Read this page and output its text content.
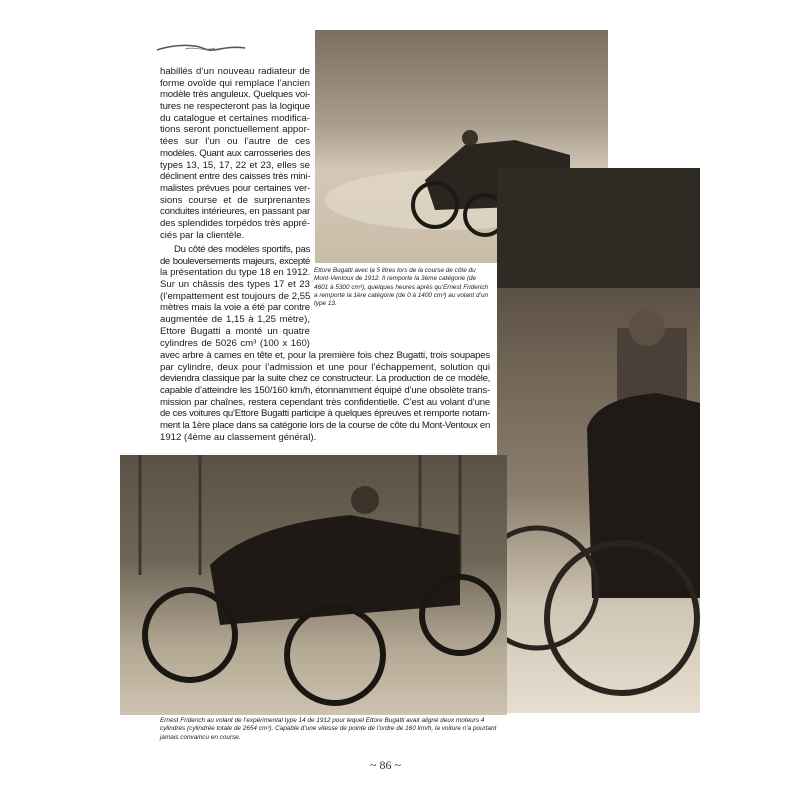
habillés d’un nouveau radiateur de
forme ovoïde qui remplace l’ancien
modèle très anguleux. Quelques voi-
tures ne respecteront pas la logique
du catalogue et certaines modifica-
tions seront ponctuellement appor-
tées sur l’un ou l’autre de ces
modèles. Quant aux carrosseries des
types 13, 15, 17, 22 et 23, elles se
déclinent entre des caisses très mini-
malistes prévues pour certaines ver-
sions course et de surprenantes
conduites intérieures, en passant par
des splendides torpédos très appré-
ciés par la clientèle.
Du côté des modèles sportifs, pas
de bouleversements majeurs, excepté
la présentation du type 18 en 1912.
Sur un châssis des types 17 et 23
(l’empattement est toujours de 2,55
mètres mais la voie a été par contre
augmentée de 1,15 à 1,25 mètre),
Ettore Bugatti a monté un quatre
cylindres de 5026 cm³ (100 x 160)
avec arbre à cames en tête et, pour la première fois chez Bugatti, trois soupapes
par cylindre, deux pour l’admission et une pour l’échappement, solution qui
deviendra classique par la suite chez ce constructeur. La production de ce modèle,
capable d’atteindre les 150/160 km/h, étonnamment équipé d’une obsolète trans-
mission par chaînes, restera cependant très confidentielle. C’est au volant d’une
de ces voitures qu’Ettore Bugatti participe à quelques épreuves et remporte notam-
ment la 1ère place dans sa catégorie lors de la course de côte du Mont-Ventoux en
1912 (4ème au classement général).
Ettore Bugatti avec la 5 litres lors de la course de côte du Mont-Ventoux de 1912. Il remporte la 3ème catégorie (de 4601 à 5300 cm³), quelques heures après qu’Ernest Friderich a remporté la 1ère catégorie (de 0 à 1400 cm³) au volant d’un type 13.
Ernest Friderich au volant de l’expérimental type 14 de 1912 pour lequel Ettore Bugatti avait aligné deux moteurs 4 cylindres (cylindrée totale de 2654 cm³). Capable d’une vitesse de pointe de l’ordre de 160 km/h, la voiture n’a pourtant jamais convaincu en course.
~ 86 ~
